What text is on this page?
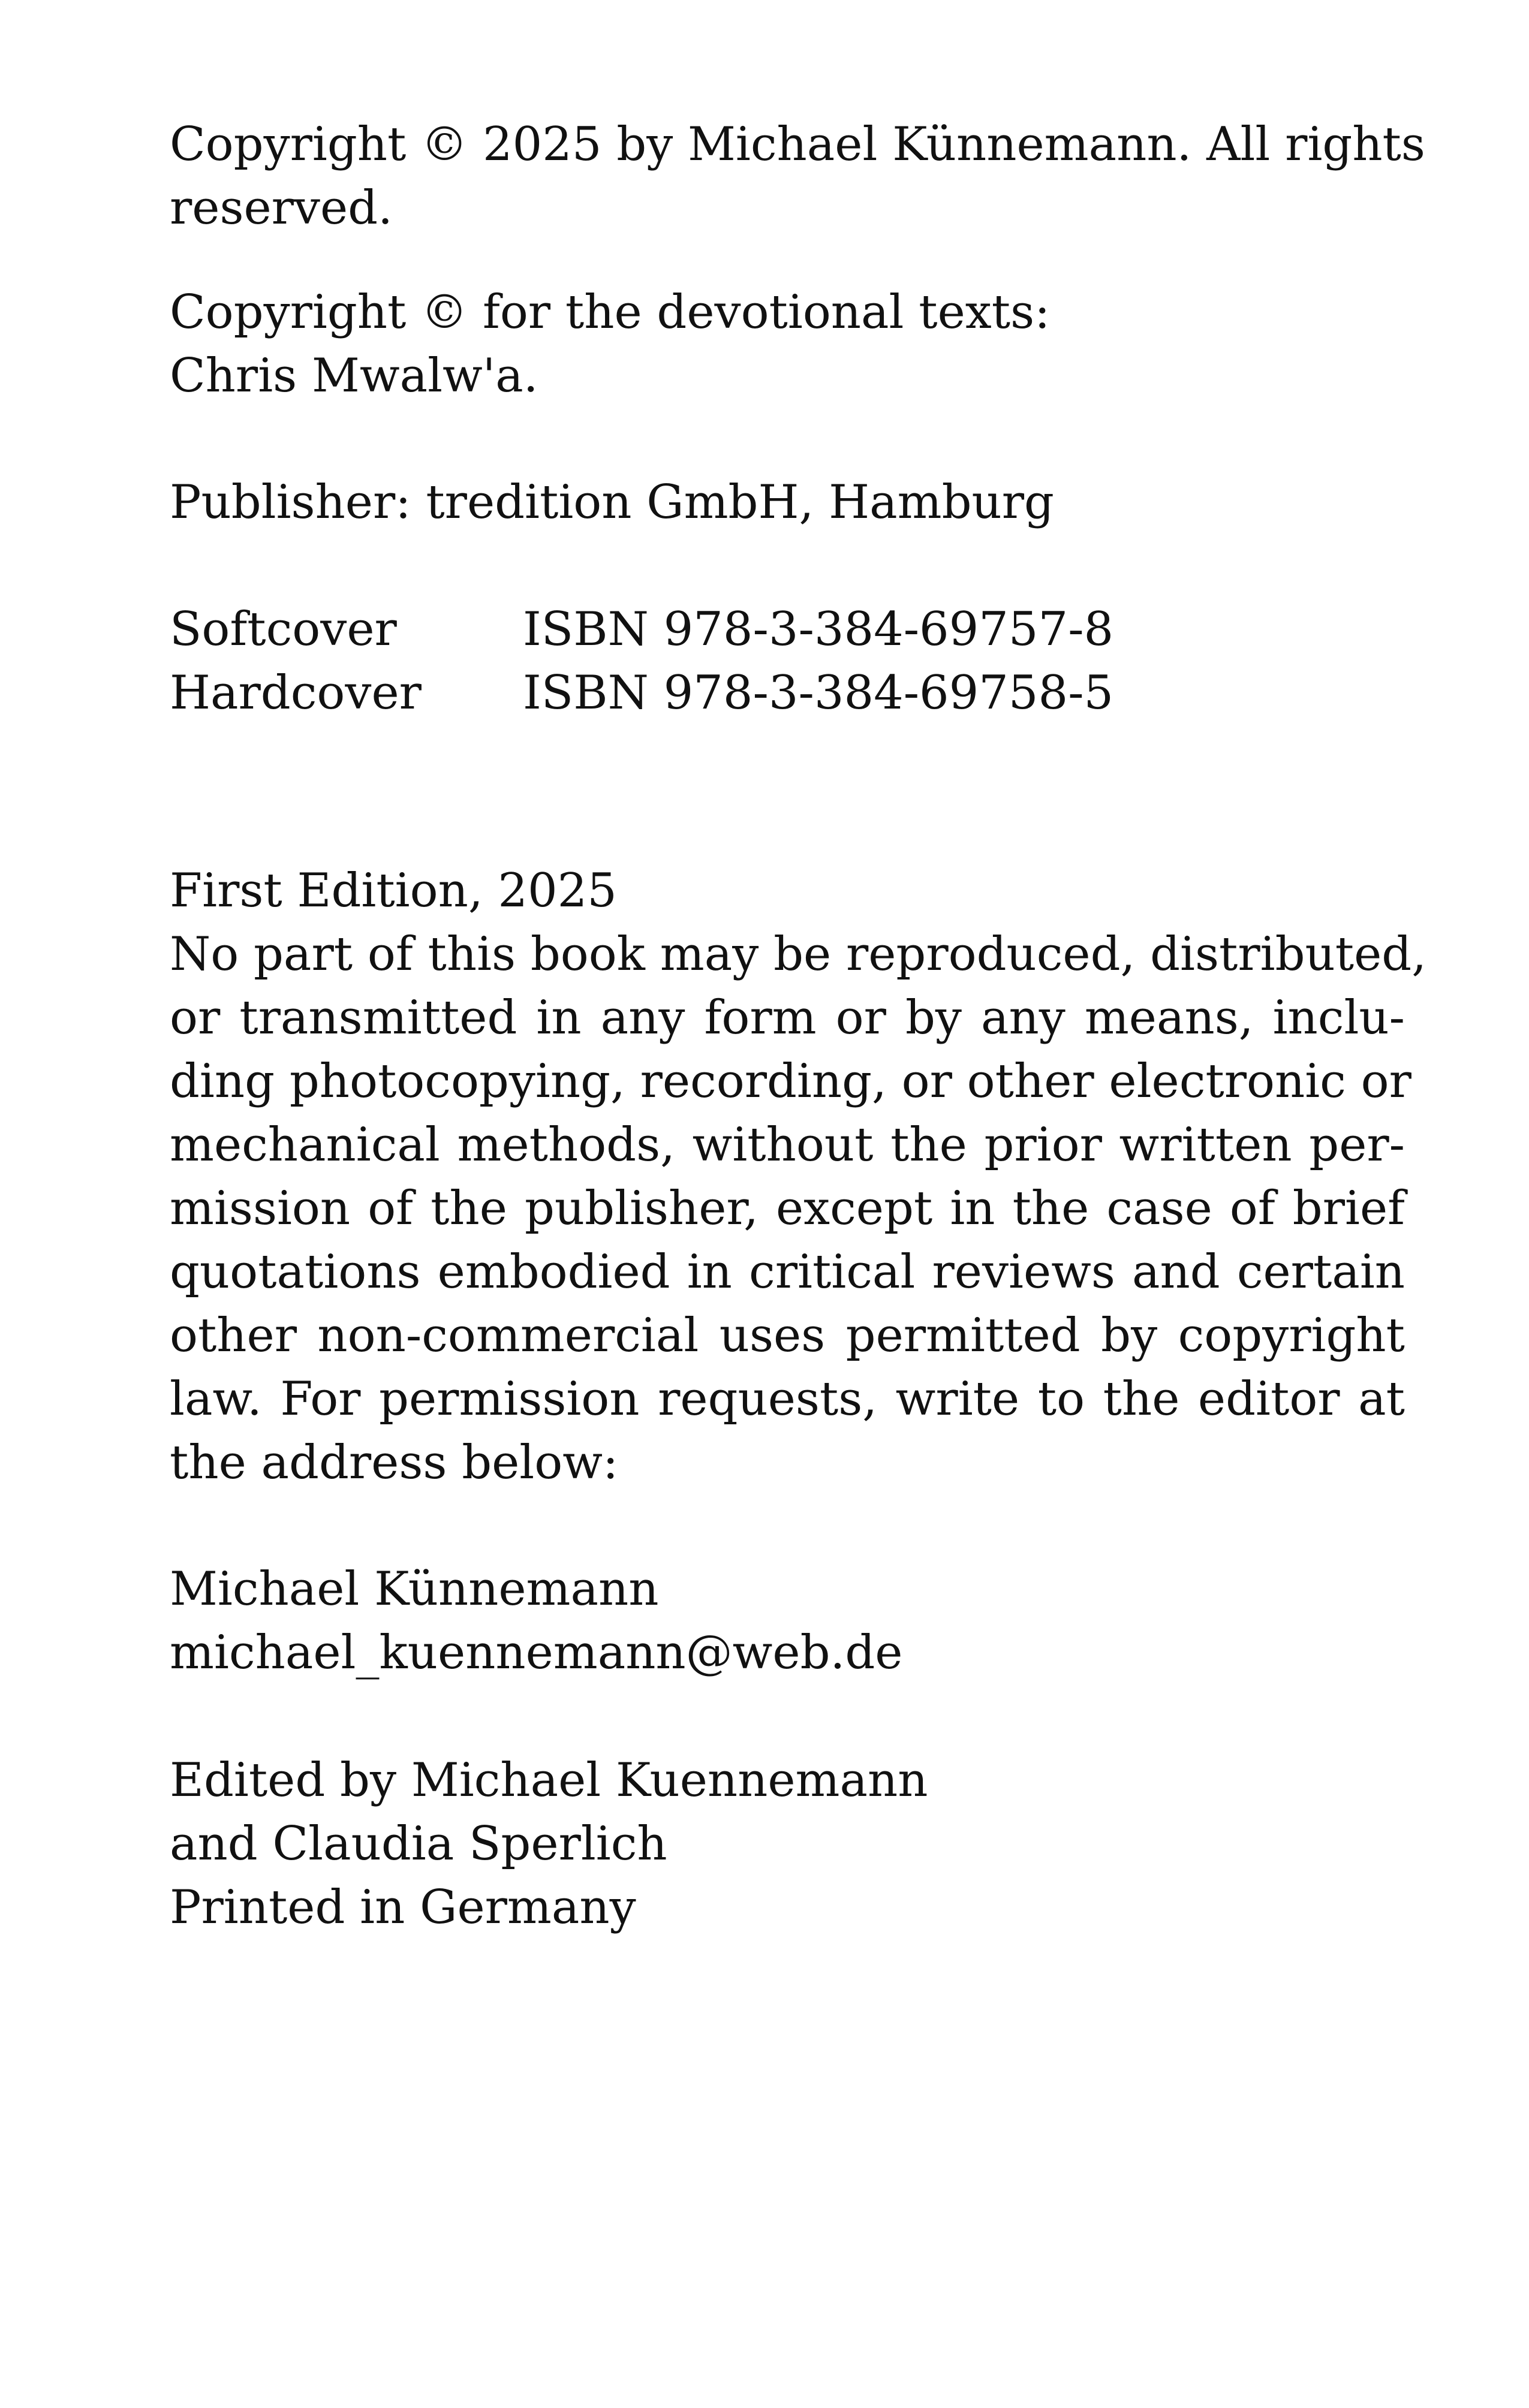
Copyright © 2025 by Michael Künnemann. All rights

reserved.

Copyright © for the devotional texts:

Chris Mwalw'a.

Publisher: tredition GmbH, Hamburg

Softcover	ISBN 978-3-384-69757-8

Hardcover ISBN 978-3-384-69758-5

First Edition, 2025

No part of this book may be reproduced, distributed,

or transmitted in any form or by any means, inclu-

ding photocopying, recording, or other electronic or

mechanical methods, without the prior written per-

mission of the publisher, except in the case of brief

quotations embodied in critical reviews and certain

other non-commercial uses permitted by copyright

law. For permission requests, write to the editor at

the address below:

Michael Künnemann

michael_kuennemann@web.de

Edited by Michael Kuennemann

and Claudia Sperlich

Printed in Germany
